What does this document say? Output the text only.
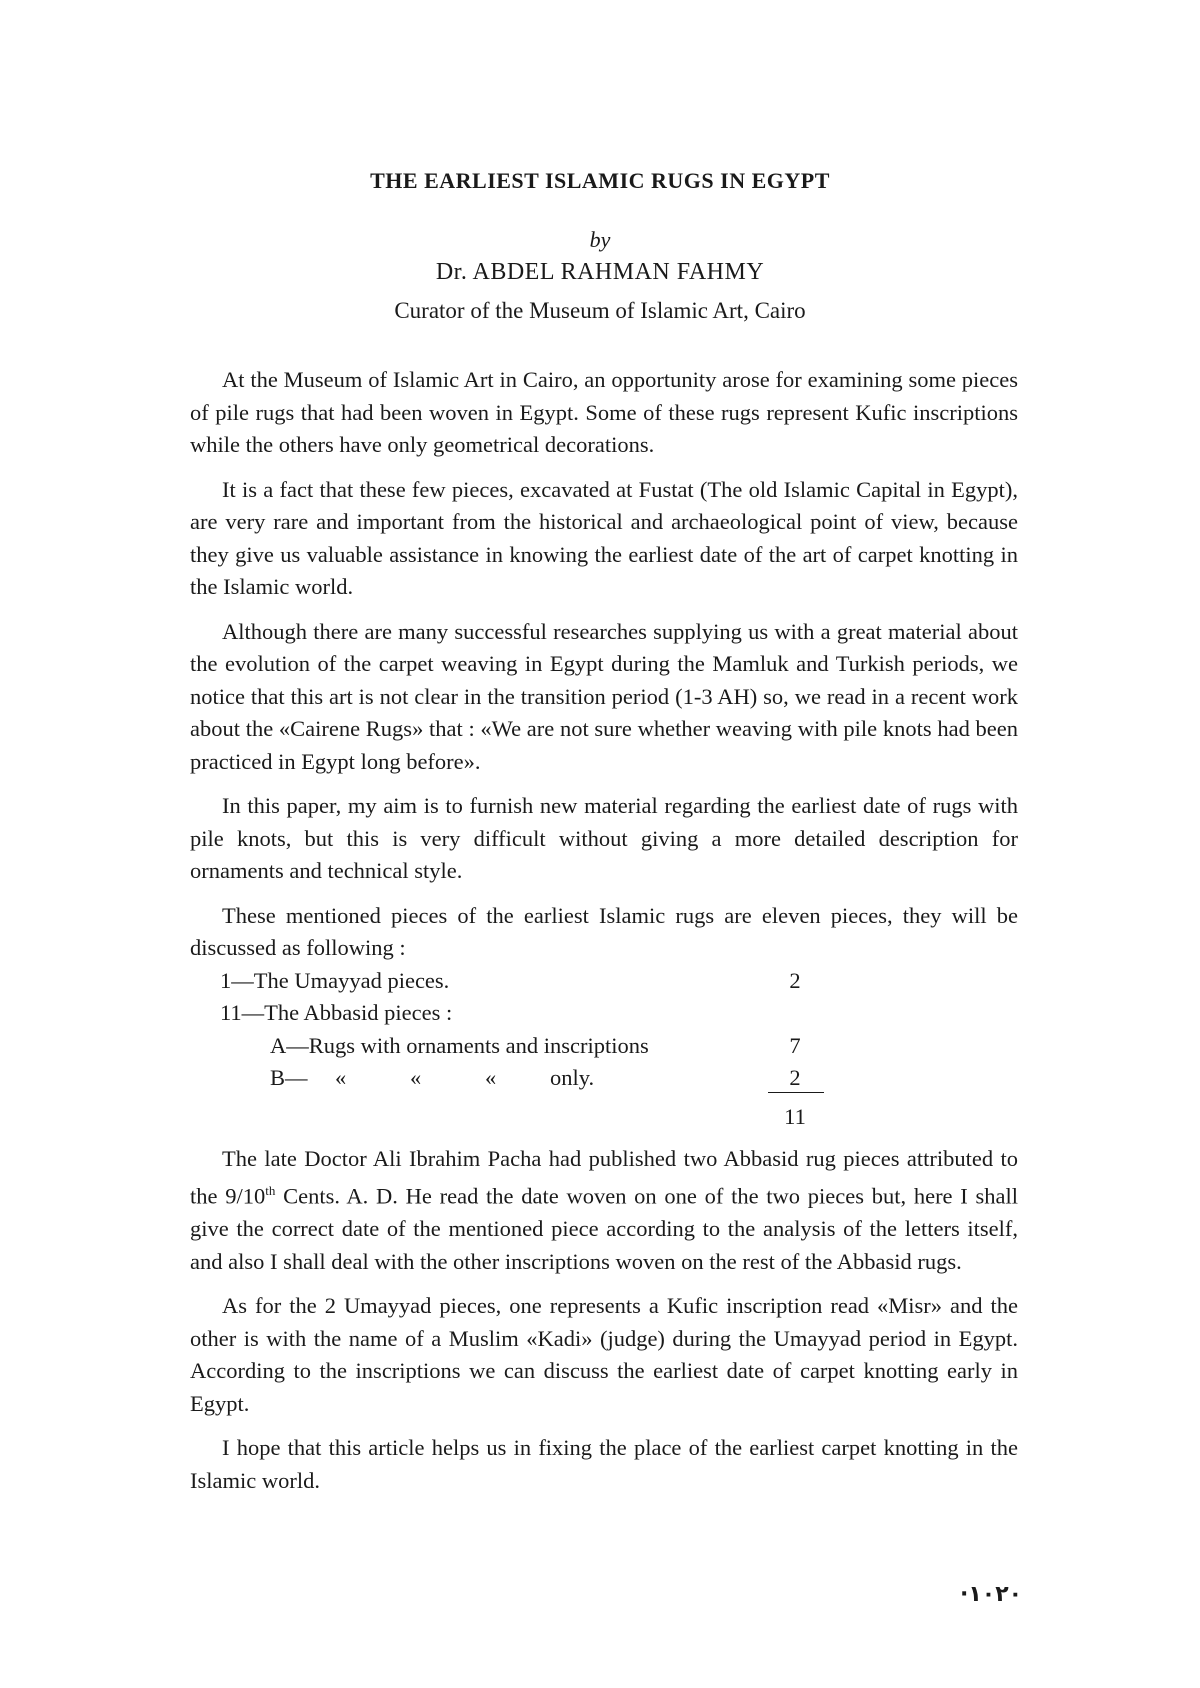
THE EARLIEST ISLAMIC RUGS IN EGYPT
by
Dr. ABDEL RAHMAN FAHMY
Curator of the Museum of Islamic Art, Cairo

At the Museum of Islamic Art in Cairo, an opportunity arose for examining some pieces of pile rugs that had been woven in Egypt. Some of these rugs represent Kufic inscriptions while the others have only geometrical decorations.

It is a fact that these few pieces, excavated at Fustat (The old Islamic Capital in Egypt), are very rare and important from the historical and archaeological point of view, because they give us valuable assistance in knowing the earliest date of the art of carpet knotting in the Islamic world.

Although there are many successful researches supplying us with a great material about the evolution of the carpet weaving in Egypt during the Mamluk and Turkish periods, we notice that this art is not clear in the transition period (1-3 AH) so, we read in a recent work about the «Cairene Rugs» that : «We are not sure whether weaving with pile knots had been practiced in Egypt long before».

In this paper, my aim is to furnish new material regarding the earliest date of rugs with pile knots, but this is very difficult without giving a more detailed description for ornaments and technical style.

These mentioned pieces of the earliest Islamic rugs are eleven pieces, they will be discussed as following :

1—The Umayyad pieces.	2
11—The Abbasid pieces :
A—Rugs with ornaments and inscriptions	7
B— «	«	« only.	2
11

The late Doctor Ali Ibrahim Pacha had published two Abbasid rug pieces attributed to the 9/10th Cents. A. D. He read the date woven on one of the two pieces but, here I shall give the correct date of the mentioned piece according to the analysis of the letters itself, and also I shall deal with the other inscriptions woven on the rest of the Abbasid rugs.

As for the 2 Umayyad pieces, one represents a Kufic inscription read «Misr» and the other is with the name of a Muslim «Kadi» (judge) during the Umayyad period in Egypt. According to the inscriptions we can discuss the earliest date of carpet knotting early in Egypt.

I hope that this article helps us in fixing the place of the earliest carpet knotting in the Islamic world.

·١٠٢٠
